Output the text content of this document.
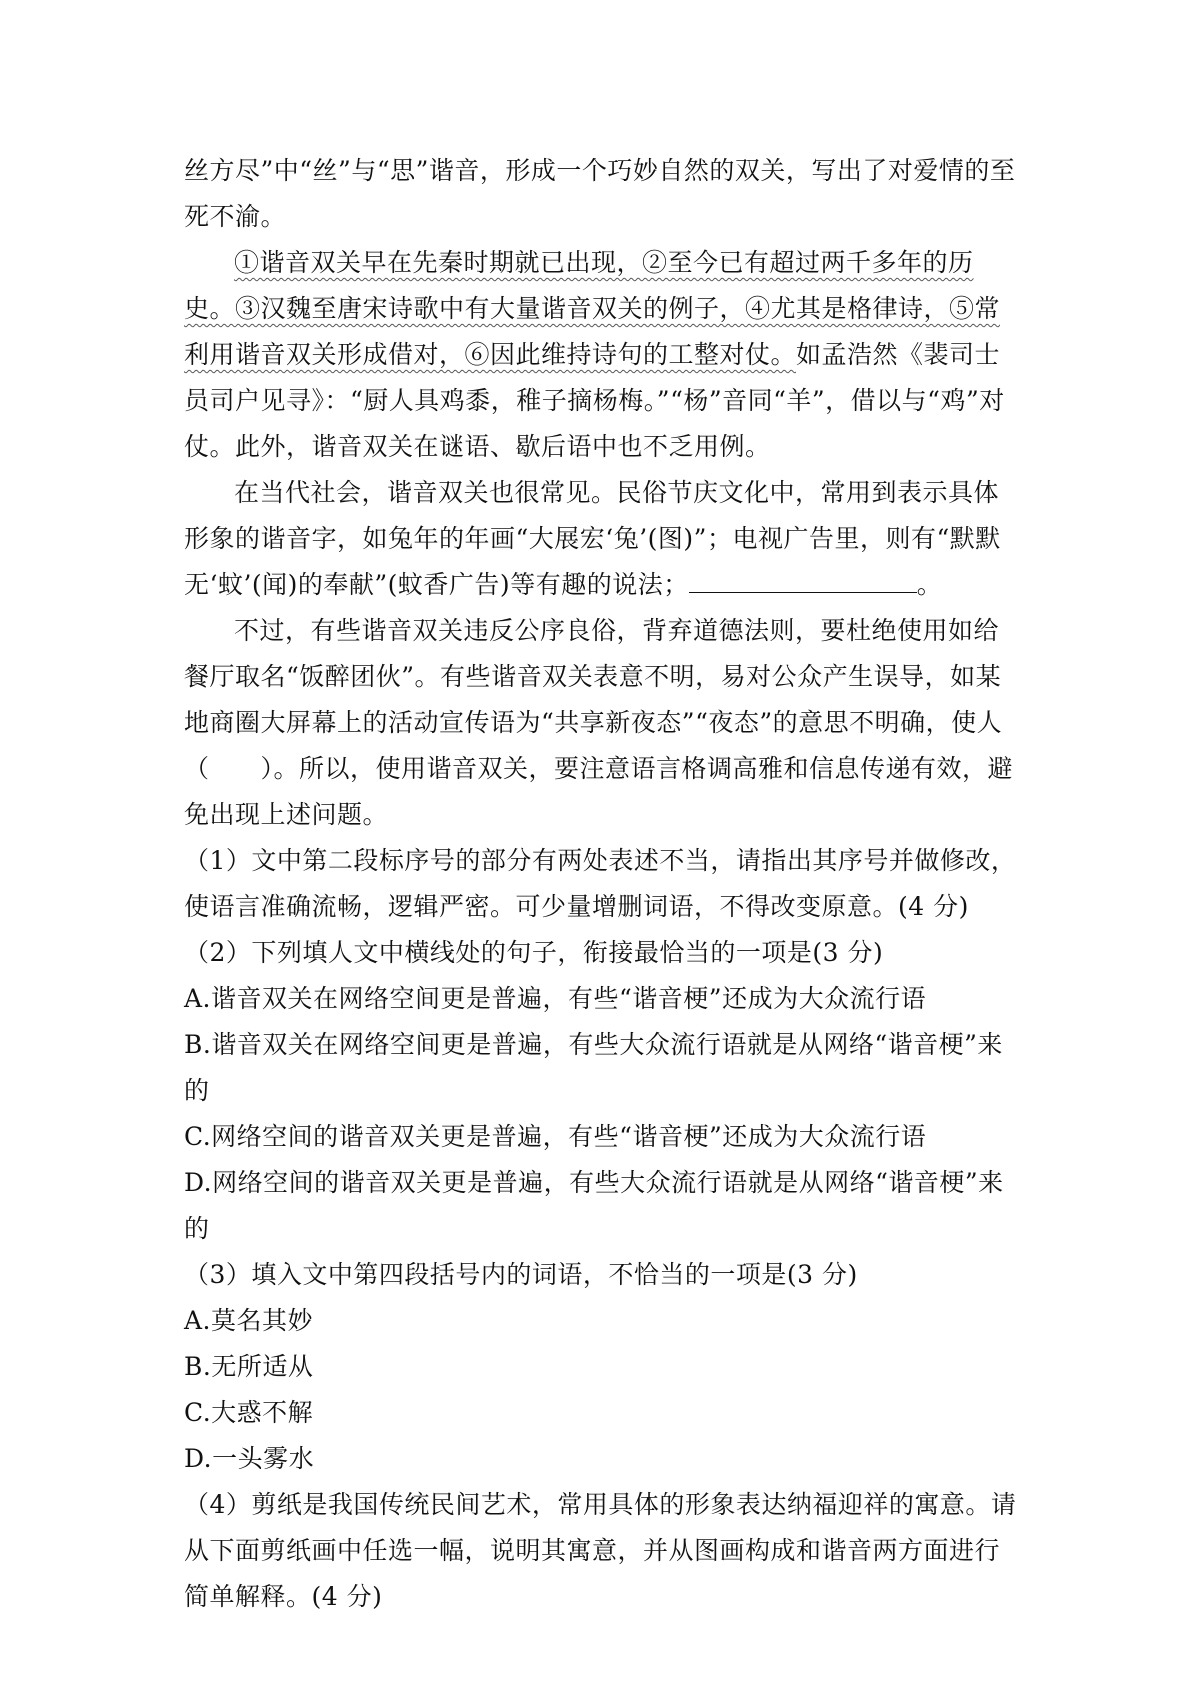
丝方尽”中“丝”与“思”谐音，形成一个巧妙自然的双关，写出了对爱情的至死不渝。

①谐音双关早在先秦时期就已出现，②至今已有超过两千多年的历史。③汉魏至唐宋诗歌中有大量谐音双关的例子，④尤其是格律诗，⑤常利用谐音双关形成借对，⑥因此维持诗句的工整对仗。如孟浩然《裴司士员司户见寻》：“厨人具鸡黍，稚子摘杨梅。”“杨”音同“羊”，借以与“鸡”对仗。此外，谐音双关在谜语、歇后语中也不乏用例。

在当代社会，谐音双关也很常见。民俗节庆文化中，常用到表示具体形象的谐音字，如兔年的年画“大展宏‘兔’(图)”；电视广告里，则有“默默无‘蚊’(闻)的奉献”(蚊香广告)等有趣的说法；	。

不过，有些谐音双关违反公序良俗，背弃道德法则，要杜绝使用如给餐厅取名“饭醉团伙”。有些谐音双关表意不明，易对公众产生误导，如某地商圈大屏幕上的活动宣传语为“共享新夜态”“夜态”的意思不明确，使人（　　）。所以，使用谐音双关，要注意语言格调高雅和信息传递有效，避免出现上述问题。

（1）文中第二段标序号的部分有两处表述不当，请指出其序号并做修改，使语言准确流畅，逻辑严密。可少量增删词语，不得改变原意。(4 分)

（2）下列填人文中横线处的句子，衔接最恰当的一项是(3 分)

A.谐音双关在网络空间更是普遍，有些“谐音梗”还成为大众流行语

B.谐音双关在网络空间更是普遍，有些大众流行语就是从网络“谐音梗”来的

C.网络空间的谐音双关更是普遍，有些“谐音梗”还成为大众流行语

D.网络空间的谐音双关更是普遍，有些大众流行语就是从网络“谐音梗”来的

（3）填入文中第四段括号内的词语，不恰当的一项是(3 分)

A.莫名其妙

B.无所适从

C.大惑不解

D.一头雾水

（4）剪纸是我国传统民间艺术，常用具体的形象表达纳福迎祥的寓意。请从下面剪纸画中任选一幅，说明其寓意，并从图画构成和谐音两方面进行简单解释。(4 分)
